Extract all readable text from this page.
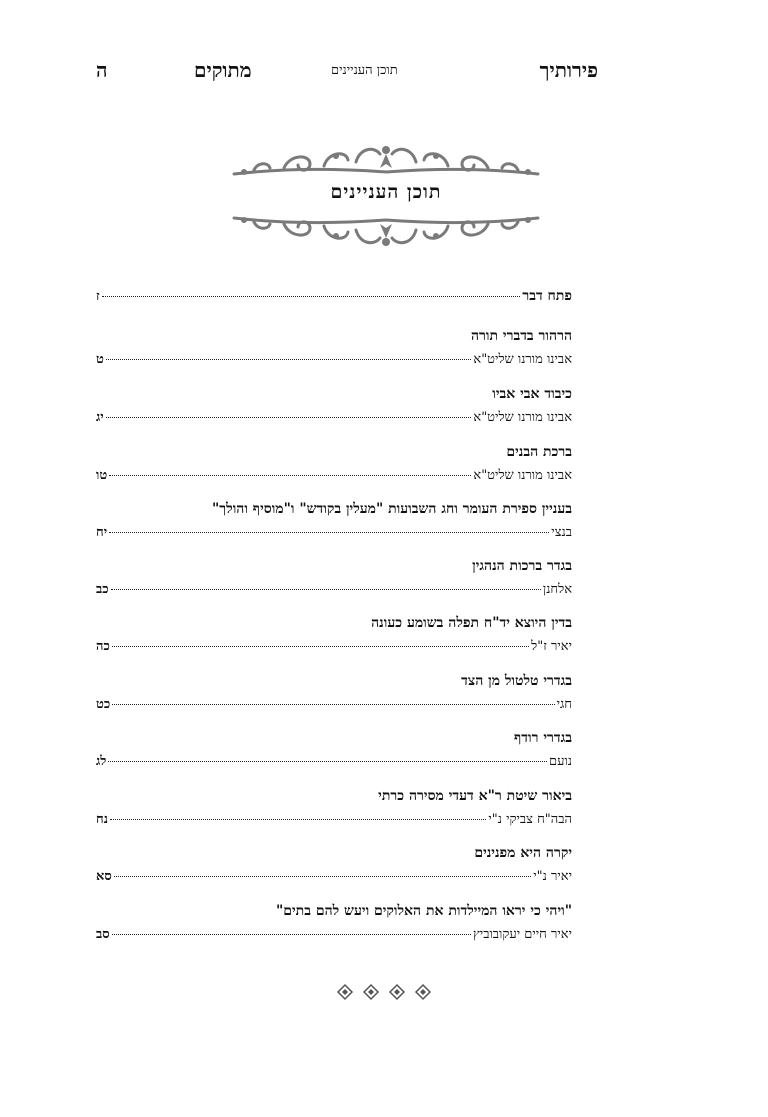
פירותיך
תוכן העניינים
מתוקים
ה
תוכן העניינים
פתח דבר
ז
הרהור בדברי תורה
אבינו מורנו שליט"א
ט
כיבוד אבי אביו
אבינו מורנו שליט"א
יג
ברכת הבנים
אבינו מורנו שליט"א
טו
בעניין ספירת העומר וחג השבועות "מעלין בקודש" ו"מוסיף והולך"
בנצי
יח
בגדר ברכות הנהגין
אלחנן
כב
בדין היוצא יד"ח תפלה בשומע כעונה
יאיר ז"ל
כה
בגדרי טלטול מן הצד
חגי
כט
בגדרי רודף
נועם
לג
ביאור שיטת ר"א דעדי מסירה כרתי
הבה"ח צביקי נ"י
נח
יקרה היא מפנינים
יאיר נ"י
סא
"ויהי כי יראו המיילדות את האלוקים ויעש להם בתים"
יאיר חיים יעקובוביץ
סב
